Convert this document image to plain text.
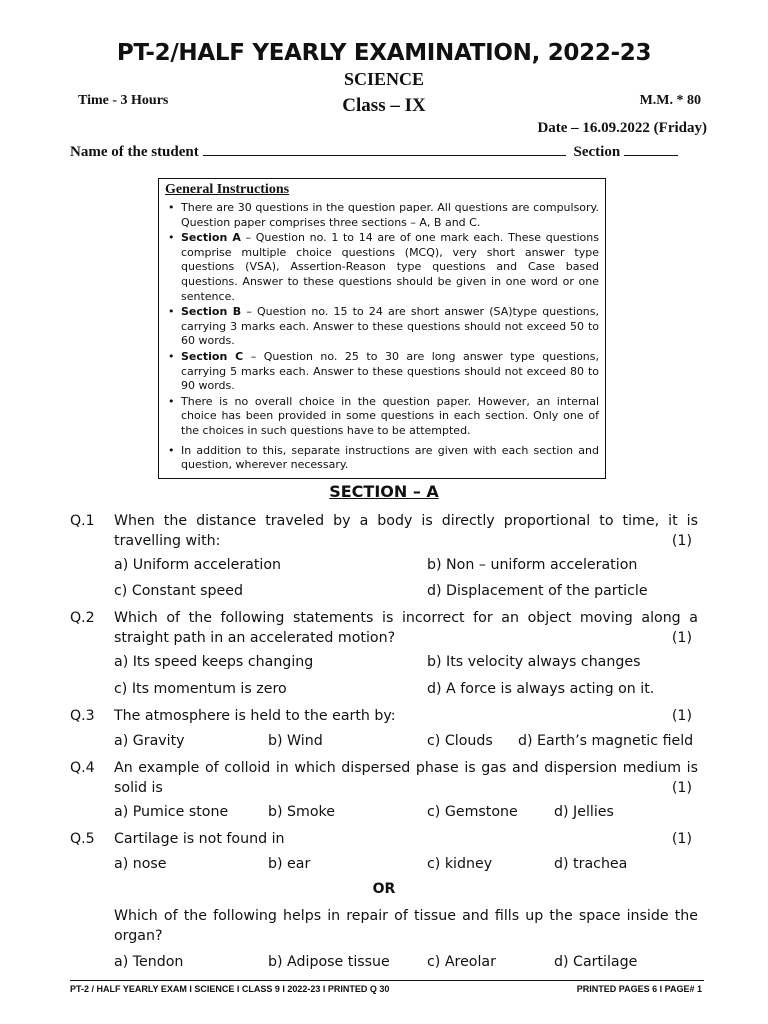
PT-2/HALF YEARLY EXAMINATION, 2022-23
SCIENCE
Time - 3 Hours	Class – IX	M.M. * 80
Date – 16.09.2022 (Friday)
Name of the student	Section
General Instructions
• There are 30 questions in the question paper. All questions are compulsory. Question paper comprises three sections – A, B and C.
• Section A – Question no. 1 to 14 are of one mark each. These questions comprise multiple choice questions (MCQ), very short answer type questions (VSA), Assertion-Reason type questions and Case based questions. Answer to these questions should be given in one word or one sentence.
• Section B – Question no. 15 to 24 are short answer (SA)type questions, carrying 3 marks each. Answer to these questions should not exceed 50 to 60 words.
• Section C – Question no. 25 to 30 are long answer type questions, carrying 5 marks each. Answer to these questions should not exceed 80 to 90 words.
• There is no overall choice in the question paper. However, an internal choice has been provided in some questions in each section. Only one of the choices in such questions have to be attempted.
• In addition to this, separate instructions are given with each section and question, wherever necessary.
SECTION – A
Q.1 When the distance traveled by a body is directly proportional to time, it is travelling with:	(1)
a) Uniform acceleration	b) Non – uniform acceleration
c) Constant speed	d) Displacement of the particle
Q.2 Which of the following statements is incorrect for an object moving along a straight path in an accelerated motion?	(1)
a) Its speed keeps changing	b) Its velocity always changes
c) Its momentum is zero	d) A force is always acting on it.
Q.3 The atmosphere is held to the earth by:	(1)
a) Gravity	b) Wind	c) Clouds d) Earth’s magnetic field
Q.4 An example of colloid in which dispersed phase is gas and dispersion medium is solid is	(1)
a) Pumice stone	b) Smoke	c) Gemstone	d) Jellies
Q.5 Cartilage is not found in	(1)
a) nose	b) ear	c) kidney	d) trachea
OR
Which of the following helps in repair of tissue and fills up the space inside the organ?
a) Tendon	b) Adipose tissue	c) Areolar	d) Cartilage
PT-2 / HALF YEARLY EXAM I SCIENCE I CLASS 9 I 2022-23 I PRINTED Q 30	PRINTED PAGES 6 I PAGE# 1
